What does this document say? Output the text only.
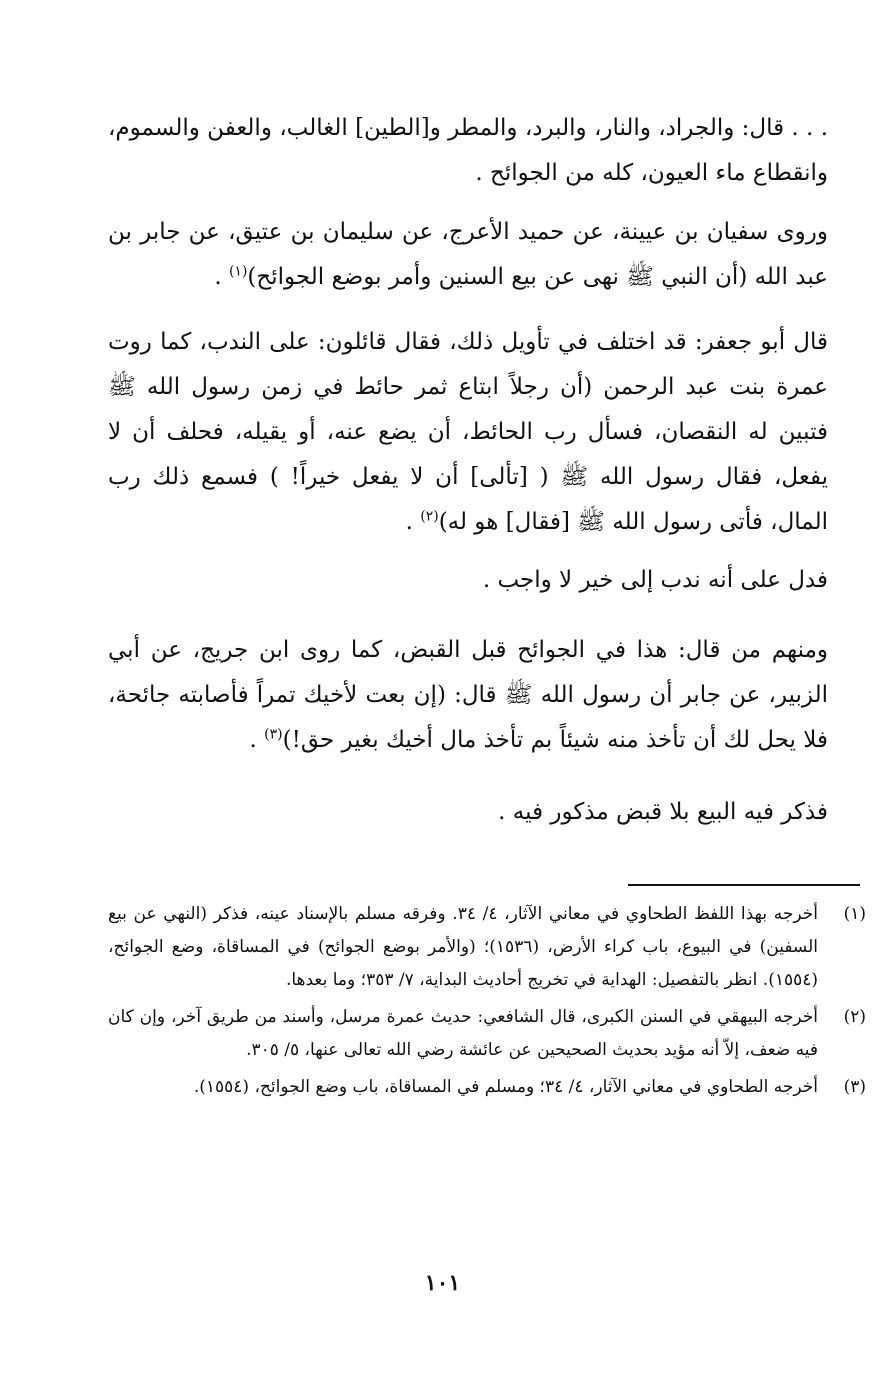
. . . قال: والجراد، والنار، والبرد، والمطر و[الطين] الغالب، والعفن والسموم، وانقطاع ماء العيون، كله من الجوائح .

وروى سفيان بن عيينة، عن حميد الأعرج، عن سليمان بن عتيق، عن جابر بن عبد الله (أن النبي ﷺ نهى عن بيع السنين وأمر بوضع الجوائح)$^{(١)}$ .

قال أبو جعفر: قد اختلف في تأويل ذلك، فقال قائلون: على الندب، كما روت عمرة بنت عبد الرحمن (أن رجلاً ابتاع ثمر حائط في زمن رسول الله ﷺ فتبين له النقصان، فسأل رب الحائط، أن يضع عنه، أو يقيله، فحلف أن لا يفعل، فقال رسول الله ﷺ ( [تألى] أن لا يفعل خيراً! ) فسمع ذلك رب المال، فأتى رسول الله ﷺ [فقال] هو له)$^{(٢)}$ .

فدل على أنه ندب إلى خير لا واجب .

ومنهم من قال: هذا في الجوائح قبل القبض، كما روى ابن جريج، عن أبي الزبير، عن جابر أن رسول الله ﷺ قال: (إن بعت لأخيك تمراً فأصابته جائحة، فلا يحل لك أن تأخذ منه شيئاً بم تأخذ مال أخيك بغير حق!)$^{(٣)}$ .

فذكر فيه البيع بلا قبض مذكور فيه .

(١)
أخرجه بهذا اللفظ الطحاوي في معاني الآثار، ٤/ ٣٤. وفرقه مسلم بالإسناد عينه، فذكر (النهي عن بيع السفين) في البيوع، باب كراء الأرض، (١٥٣٦)؛ (والأمر بوضع الجوائح) في المساقاة، وضع الجوائح، (١٥٥٤). انظر بالتفصيل: الهداية في تخريج أحاديث البداية، ٧/ ٣٥٣؛ وما بعدها.
(٢)
أخرجه البيهقي في السنن الكبرى، قال الشافعي: حديث عمرة مرسل، وأسند من طريق آخر، وإن كان فيه ضعف، إلاّ أنه مؤيد بحديث الصحيحين عن عائشة رضي الله تعالى عنها، ٥/ ٣٠٥.
(٣)
أخرجه الطحاوي في معاني الآثار، ٤/ ٣٤؛ ومسلم في المساقاة، باب وضع الجوائح، (١٥٥٤).
١٠١
